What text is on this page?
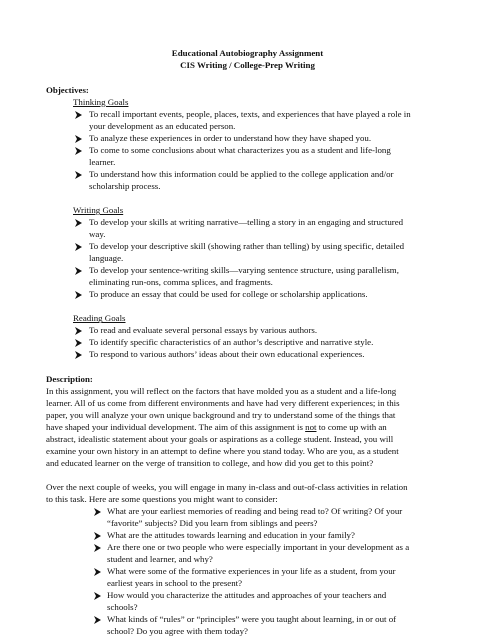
Educational Autobiography Assignment
CIS Writing / College-Prep Writing
Objectives:
Thinking Goals
To recall important events, people, places, texts, and experiences that have played a role in
your development as an educated person.
To analyze these experiences in order to understand how they have shaped you.
To come to some conclusions about what characterizes you as a student and life-long
learner.
To understand how this information could be applied to the college application and/or
scholarship process.
Writing Goals
To develop your skills at writing narrative—telling a story in an engaging and structured
way.
To develop your descriptive skill (showing rather than telling) by using specific, detailed
language.
To develop your sentence-writing skills—varying sentence structure, using parallelism,
eliminating run-ons, comma splices, and fragments.
To produce an essay that could be used for college or scholarship applications.
Reading Goals
To read and evaluate several personal essays by various authors.
To identify specific characteristics of an author’s descriptive and narrative style.
To respond to various authors’ ideas about their own educational experiences.
Description:
In this assignment, you will reflect on the factors that have molded you as a student and a life-long
learner. All of us come from different environments and have had very different experiences; in this
paper, you will analyze your own unique background and try to understand some of the things that
have shaped your individual development. The aim of this assignment is not to come up with an
abstract, idealistic statement about your goals or aspirations as a college student. Instead, you will
examine your own history in an attempt to define where you stand today. Who are you, as a student
and educated learner on the verge of transition to college, and how did you get to this point?
Over the next couple of weeks, you will engage in many in-class and out-of-class activities in relation
to this task. Here are some questions you might want to consider:
What are your earliest memories of reading and being read to? Of writing? Of your
“favorite” subjects? Did you learn from siblings and peers?
What are the attitudes towards learning and education in your family?
Are there one or two people who were especially important in your development as a
student and learner, and why?
What were some of the formative experiences in your life as a student, from your
earliest years in school to the present?
How would you characterize the attitudes and approaches of your teachers and
schools?
What kinds of “rules” or “principles” were you taught about learning, in or out of
school? Do you agree with them today?
